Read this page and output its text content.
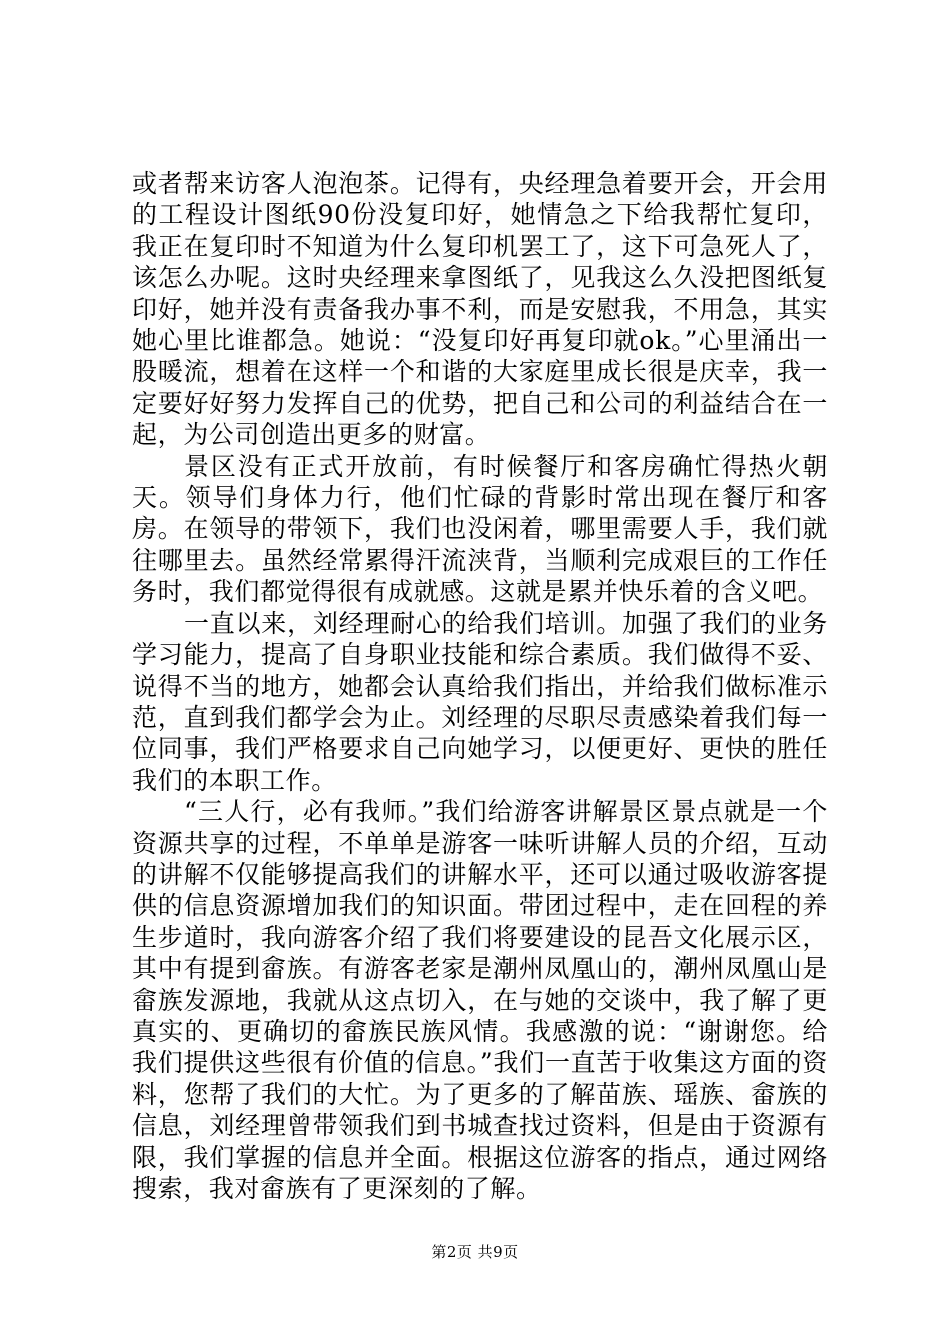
或者帮来访客人泡泡茶。记得有，央经理急着要开会，开会用的工程设计图纸90份没复印好，她情急之下给我帮忙复印，我正在复印时不知道为什么复印机罢工了，这下可急死人了，该怎么办呢。这时央经理来拿图纸了，见我这么久没把图纸复印好，她并没有责备我办事不利，而是安慰我，不用急，其实她心里比谁都急。她说：“没复印好再复印就ok。”心里涌出一股暖流，想着在这样一个和谐的大家庭里成长很是庆幸，我一定要好好努力发挥自己的优势，把自己和公司的利益结合在一起，为公司创造出更多的财富。

景区没有正式开放前，有时候餐厅和客房确忙得热火朝天。领导们身体力行，他们忙碌的背影时常出现在餐厅和客房。在领导的带领下，我们也没闲着，哪里需要人手，我们就往哪里去。虽然经常累得汗流浃背，当顺利完成艰巨的工作任务时，我们都觉得很有成就感。这就是累并快乐着的含义吧。

一直以来，刘经理耐心的给我们培训。加强了我们的业务学习能力，提高了自身职业技能和综合素质。我们做得不妥、说得不当的地方，她都会认真给我们指出，并给我们做标准示范，直到我们都学会为止。刘经理的尽职尽责感染着我们每一位同事，我们严格要求自己向她学习，以便更好、更快的胜任我们的本职工作。

“三人行，必有我师。”我们给游客讲解景区景点就是一个资源共享的过程，不单单是游客一味听讲解人员的介绍，互动的讲解不仅能够提高我们的讲解水平，还可以通过吸收游客提供的信息资源增加我们的知识面。带团过程中，走在回程的养生步道时，我向游客介绍了我们将要建设的昆吾文化展示区，其中有提到畲族。有游客老家是潮州凤凰山的，潮州凤凰山是畲族发源地，我就从这点切入，在与她的交谈中，我了解了更真实的、更确切的畲族民族风情。我感激的说：“谢谢您。给我们提供这些很有价值的信息。”我们一直苦于收集这方面的资料，您帮了我们的大忙。为了更多的了解苗族、瑶族、畲族的信息，刘经理曾带领我们到书城查找过资料，但是由于资源有限，我们掌握的信息并全面。根据这位游客的指点，通过网络搜索，我对畲族有了更深刻的了解。

第2页 共9页
